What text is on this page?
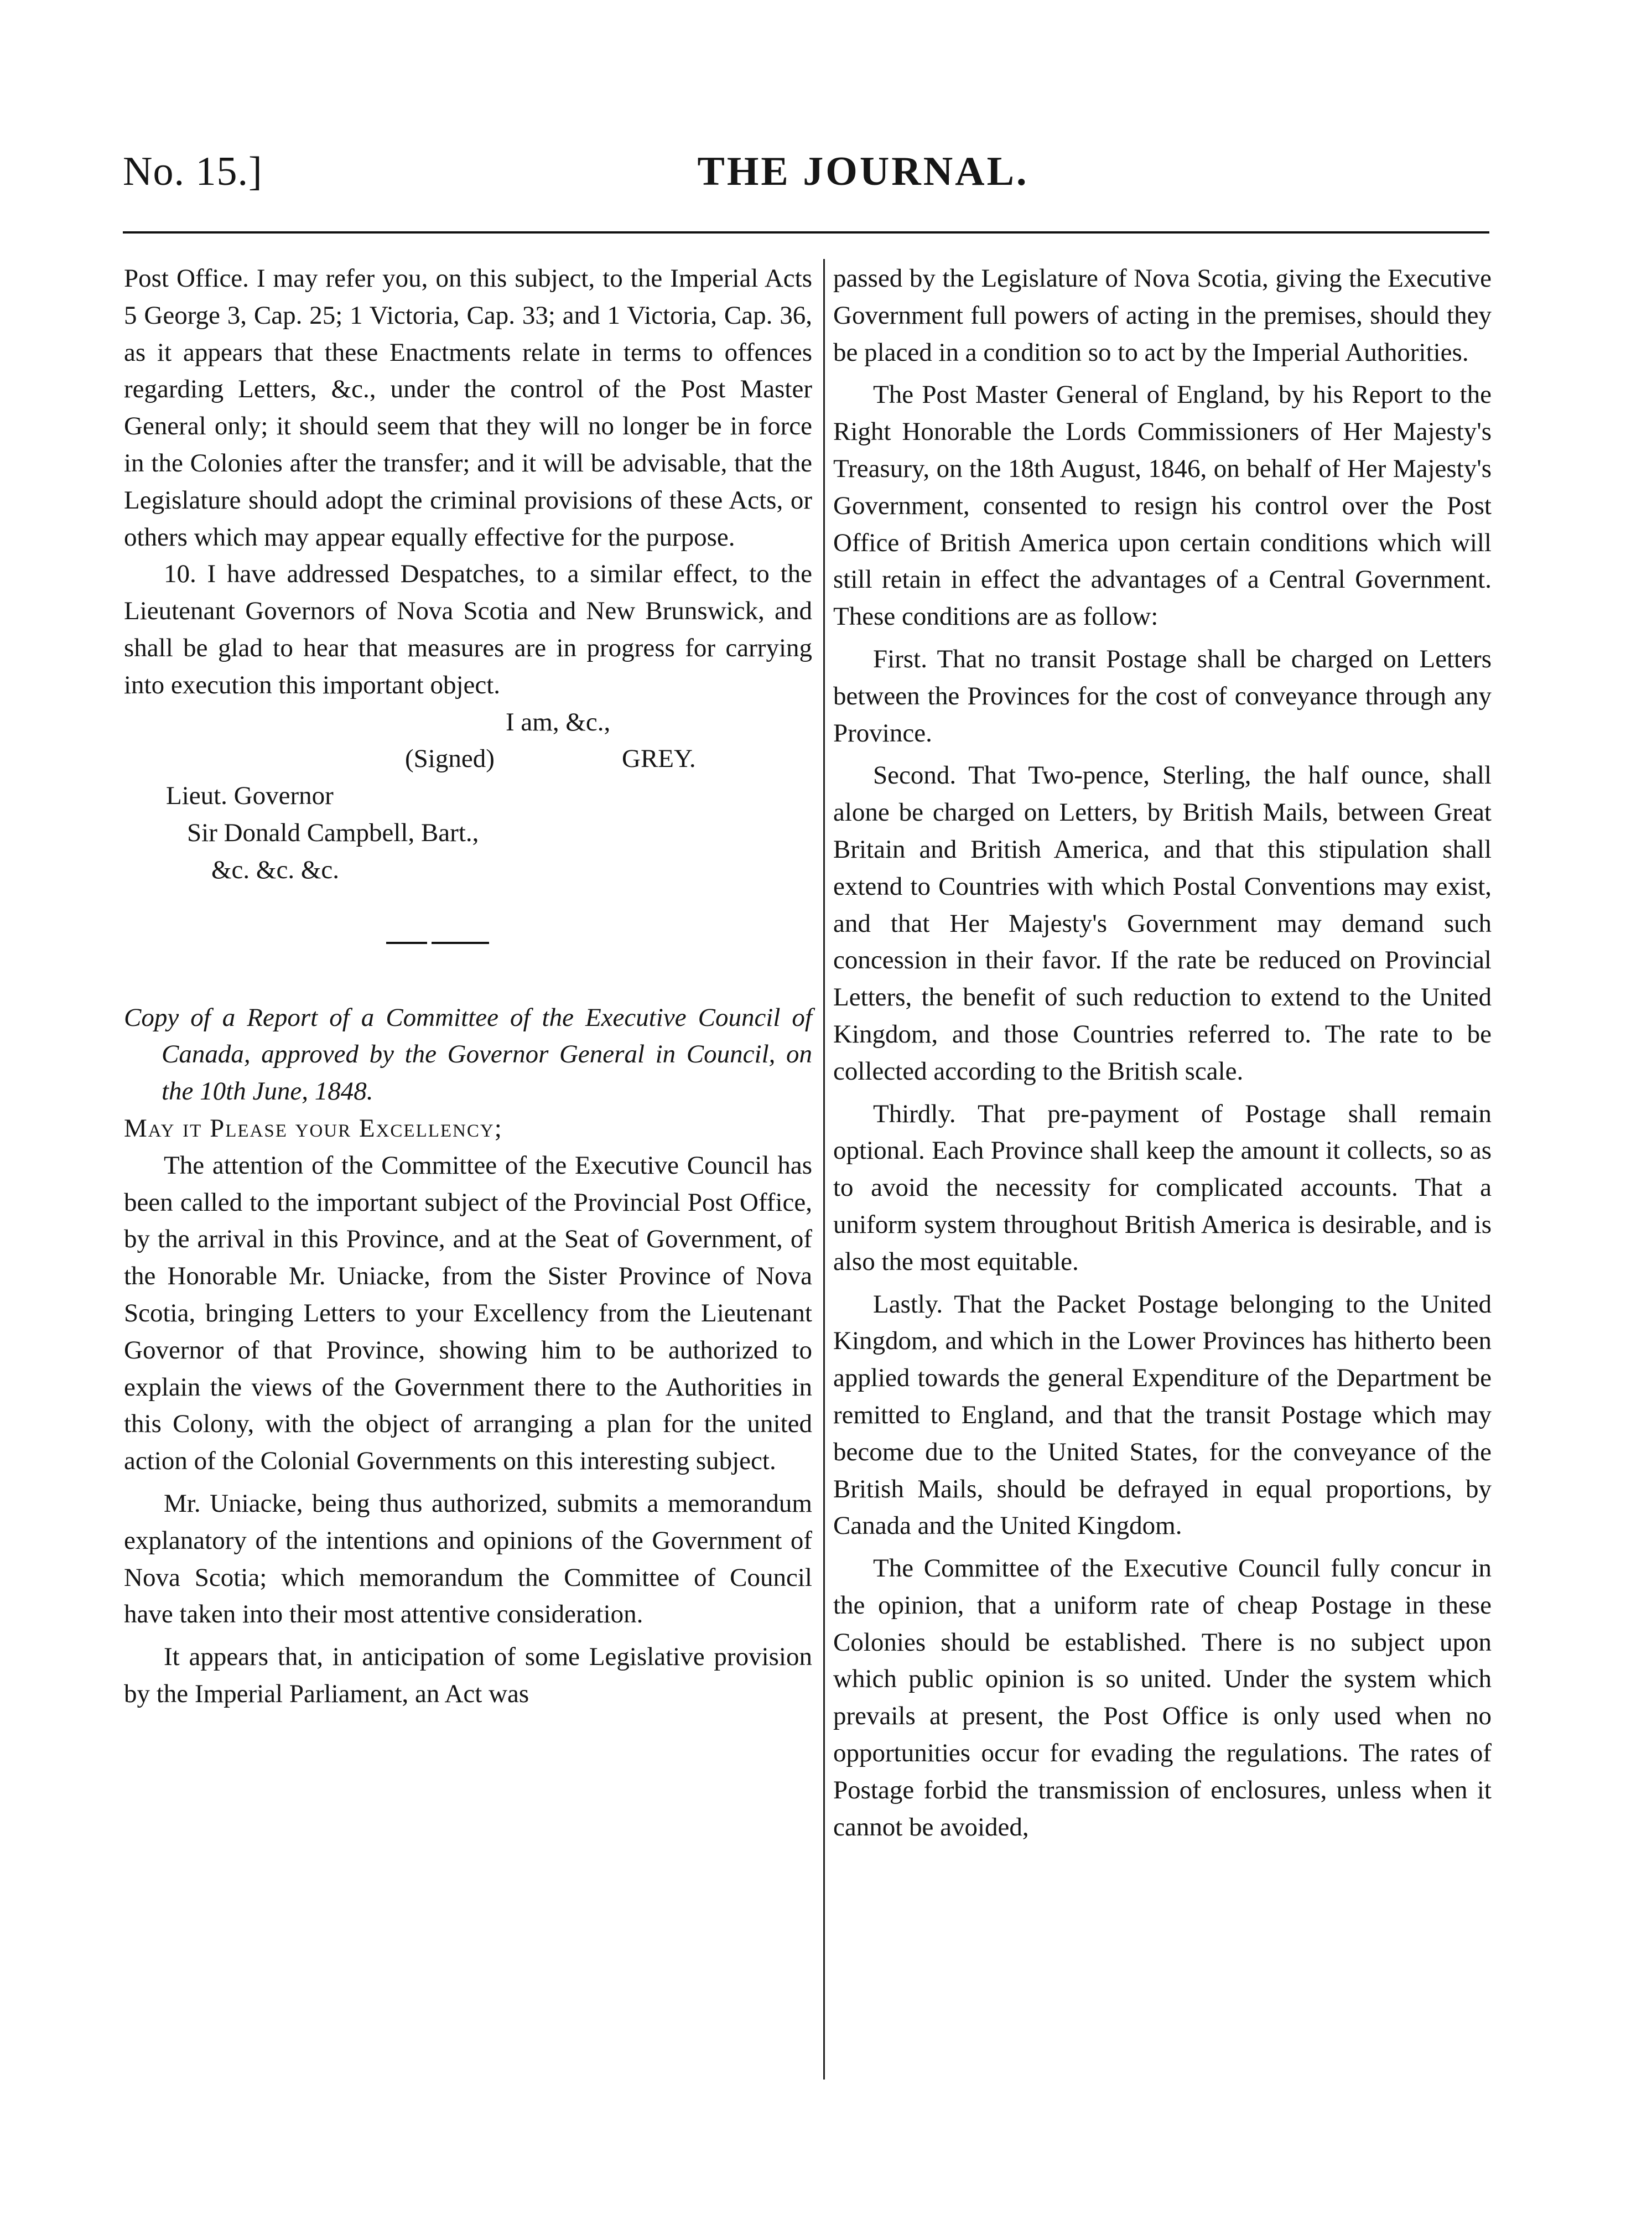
No. 15.]	THE JOURNAL.

Post Office. I may refer you, on this subject, to the Imperial Acts 5 George 3, Cap. 25; 1 Victoria, Cap. 33; and 1 Victoria, Cap. 36, as it appears that these Enactments relate in terms to offences regarding Letters, &c., under the control of the Post Master General only; it should seem that they will no longer be in force in the Colonies after the transfer; and it will be advisable, that the Legislature should adopt the criminal provisions of these Acts, or others which may appear equally effective for the purpose.

10. I have addressed Despatches, to a similar effect, to the Lieutenant Governors of Nova Scotia and New Brunswick, and shall be glad to hear that measures are in progress for carrying into execution this important object.

I am, &c.,

(Signed)	GREY.

Lieut. Governor

Sir Donald Campbell, Bart.,

&c. &c. &c.

Copy of a Report of a Committee of the Executive Council of Canada, approved by the Governor General in Council, on the 10th June, 1848.

May it Please your Excellency;

The attention of the Committee of the Executive Council has been called to the important subject of the Provincial Post Office, by the arrival in this Province, and at the Seat of Government, of the Honorable Mr. Uniacke, from the Sister Province of Nova Scotia, bringing Letters to your Excellency from the Lieutenant Governor of that Province, showing him to be authorized to explain the views of the Government there to the Authorities in this Colony, with the object of arranging a plan for the united action of the Colonial Governments on this interesting subject.

Mr. Uniacke, being thus authorized, submits a memorandum explanatory of the intentions and opinions of the Government of Nova Scotia; which memorandum the Committee of Council have taken into their most attentive consideration.

It appears that, in anticipation of some Legislative provision by the Imperial Parliament, an Act was

passed by the Legislature of Nova Scotia, giving the Executive Government full powers of acting in the premises, should they be placed in a condition so to act by the Imperial Authorities.

The Post Master General of England, by his Report to the Right Honorable the Lords Commissioners of Her Majesty's Treasury, on the 18th August, 1846, on behalf of Her Majesty's Government, consented to resign his control over the Post Office of British America upon certain conditions which will still retain in effect the advantages of a Central Government. These conditions are as follow:

First. That no transit Postage shall be charged on Letters between the Provinces for the cost of conveyance through any Province.

Second. That Two-pence, Sterling, the half ounce, shall alone be charged on Letters, by British Mails, between Great Britain and British America, and that this stipulation shall extend to Countries with which Postal Conventions may exist, and that Her Majesty's Government may demand such concession in their favor. If the rate be reduced on Provincial Letters, the benefit of such reduction to extend to the United Kingdom, and those Countries referred to. The rate to be collected according to the British scale.

Thirdly. That pre-payment of Postage shall remain optional. Each Province shall keep the amount it collects, so as to avoid the necessity for complicated accounts. That a uniform system throughout British America is desirable, and is also the most equitable.

Lastly. That the Packet Postage belonging to the United Kingdom, and which in the Lower Provinces has hitherto been applied towards the general Expenditure of the Department be remitted to England, and that the transit Postage which may become due to the United States, for the conveyance of the British Mails, should be defrayed in equal proportions, by Canada and the United Kingdom.

The Committee of the Executive Council fully concur in the opinion, that a uniform rate of cheap Postage in these Colonies should be established. There is no subject upon which public opinion is so united. Under the system which prevails at present, the Post Office is only used when no opportunities occur for evading the regulations. The rates of Postage forbid the transmission of enclosures, unless when it cannot be avoided,
